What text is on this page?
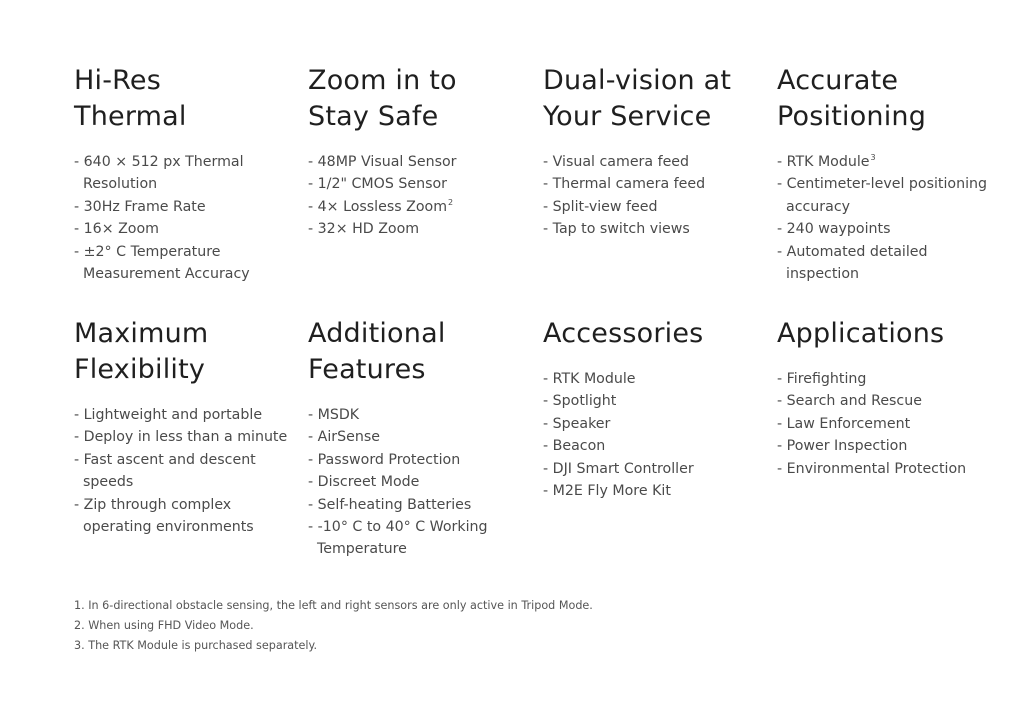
Hi-Res
Thermal
- 640 × 512 px Thermal Resolution
- 30Hz Frame Rate
- 16× Zoom
- ±2° C Temperature Measurement Accuracy
Zoom in to
Stay Safe
- 48MP Visual Sensor
- 1/2" CMOS Sensor
- 4× Lossless Zoom$^2$
- 32× HD Zoom
Dual-vision at
Your Service
- Visual camera feed
- Thermal camera feed
- Split-view feed
- Tap to switch views
Accurate
Positioning
- RTK Module$^3$
- Centimeter-level positioning accuracy
- 240 waypoints
- Automated detailed inspection
Maximum
Flexibility
- Lightweight and portable
- Deploy in less than a minute
- Fast ascent and descent speeds
- Zip through complex operating environments
Additional
Features
- MSDK
- AirSense
- Password Protection
- Discreet Mode
- Self-heating Batteries
- -10° C to 40° C Working Temperature
Accessories
- RTK Module
- Spotlight
- Speaker
- Beacon
- DJI Smart Controller
- M2E Fly More Kit
Applications
- Firefighting
- Search and Rescue
- Law Enforcement
- Power Inspection
- Environmental Protection
1. In 6-directional obstacle sensing, the left and right sensors are only active in Tripod Mode.
2. When using FHD Video Mode.
3. The RTK Module is purchased separately.
